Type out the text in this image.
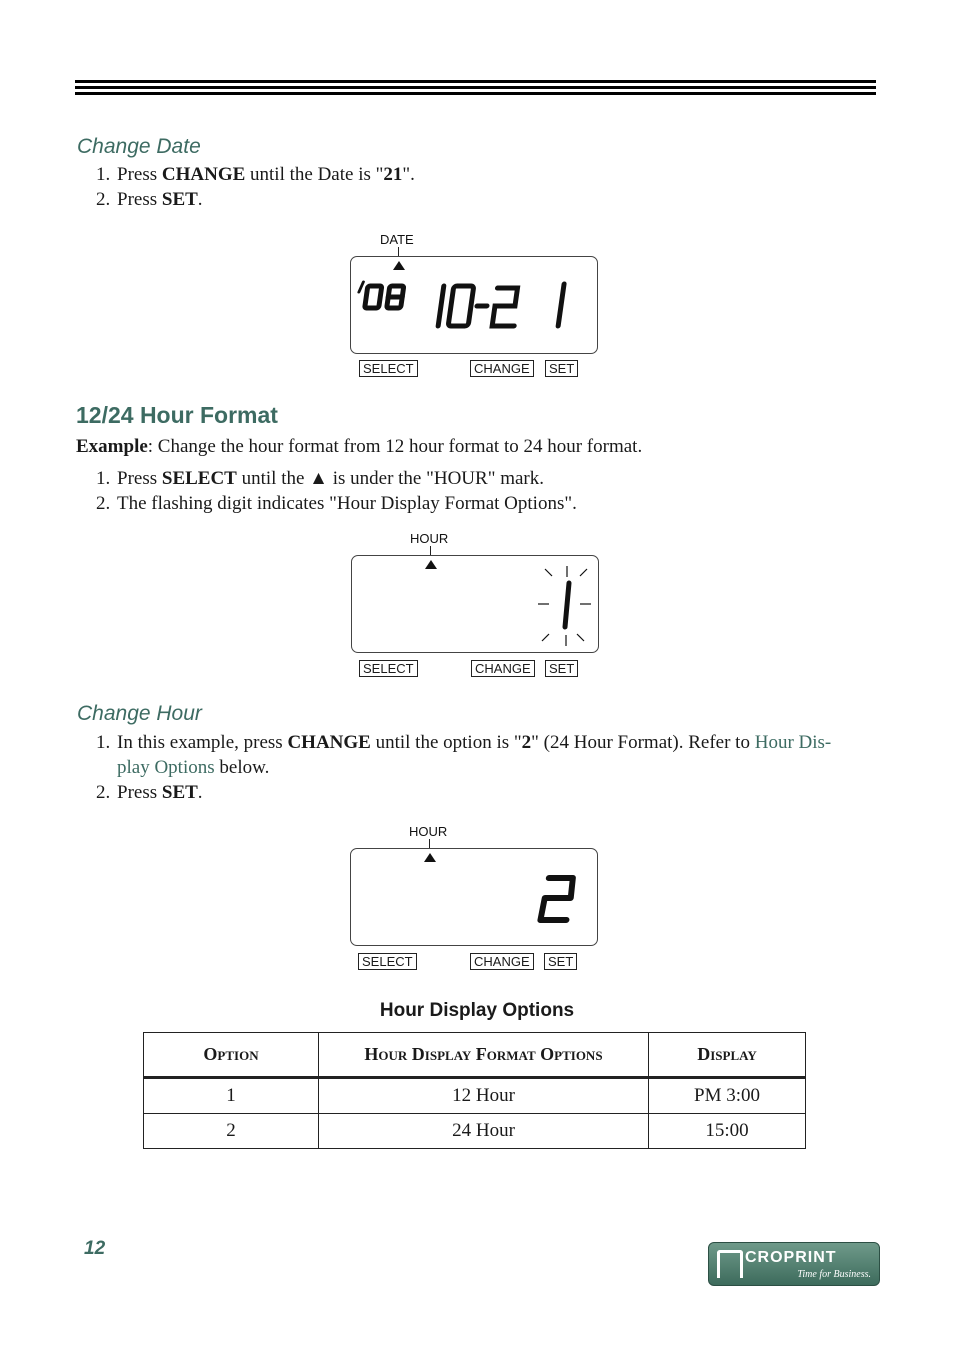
Change Date
1. Press CHANGE until the Date is "21".
2. Press SET.
DATE
SELECT	CHANGE	SET
12/24 Hour Format
Example: Change the hour format from 12 hour format to 24 hour format.
1. Press SELECT until the ▲ is under the "HOUR" mark.
2. The flashing digit indicates "Hour Display Format Options".
HOUR
SELECT	CHANGE	SET
Change Hour
1. In this example, press CHANGE until the option is "2" (24 Hour Format). Refer to Hour Dis-
play Options below.
2. Press SET.
HOUR
SELECT	CHANGE	SET
Hour Display Options
Option	Hour Display Format Options	Display
1	12 Hour	PM 3:00
2	24 Hour	15:00
12	CROPRINT
Time for Business.
